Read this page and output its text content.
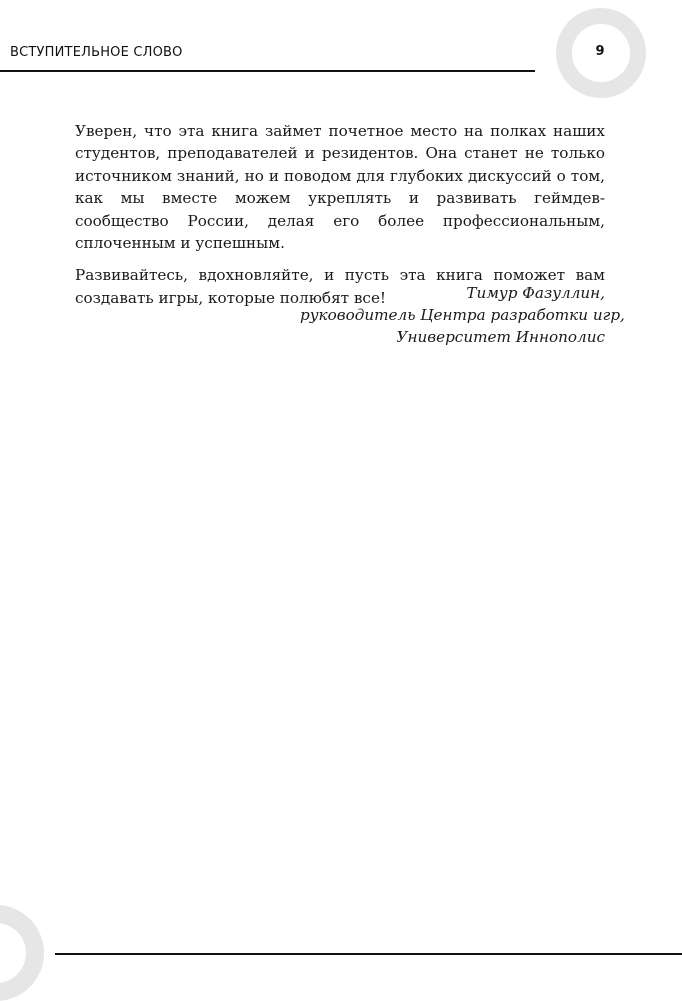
ВСТУПИТЕЛЬНОЕ СЛОВО	9

Уверен, что эта книга займет почетное место на полках наших студентов, преподавателей и резидентов. Она станет не только источником знаний, но и поводом для глубоких дискуссий о том, как мы вместе можем укреплять и развивать геймдев-сообщество России, делая его более профессиональным, сплоченным и успешным.

Развивайтесь, вдохновляйте, и пусть эта книга поможет вам создавать игры, которые полюбят все!	Тимур Фазуллин,
руководитель Центра разработки игр,
Университет Иннополис
